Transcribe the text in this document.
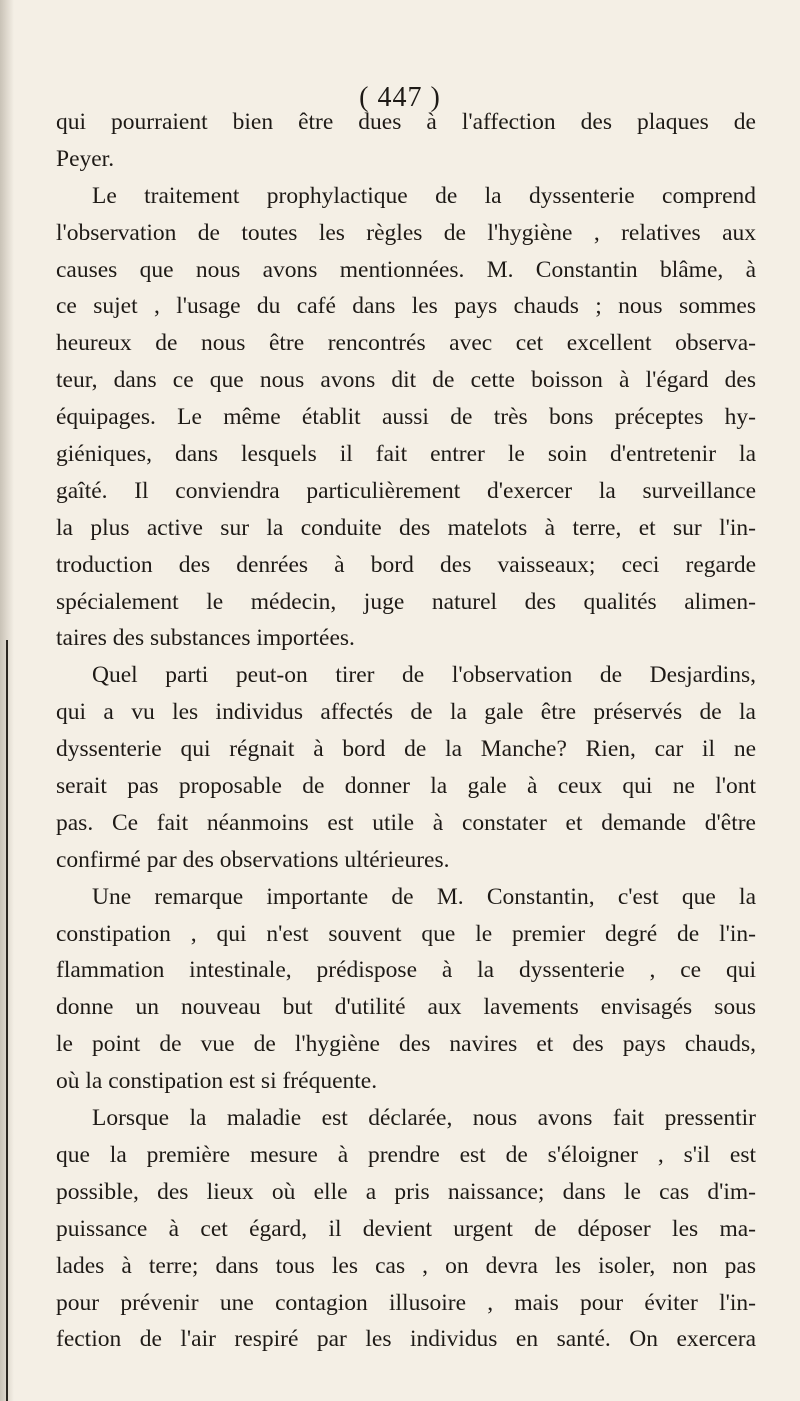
( 447 )
qui pourraient bien être dues à l'affection des plaques de
Peyer.
Le traitement prophylactique de la dyssenterie comprend
l'observation de toutes les règles de l'hygiène , relatives aux
causes que nous avons mentionnées. M. Constantin blâme, à
ce sujet , l'usage du café dans les pays chauds ; nous sommes
heureux de nous être rencontrés avec cet excellent observa-
teur, dans ce que nous avons dit de cette boisson à l'égard des
équipages. Le même établit aussi de très bons préceptes hy-
giéniques, dans lesquels il fait entrer le soin d'entretenir la
gaîté. Il conviendra particulièrement d'exercer la surveillance
la plus active sur la conduite des matelots à terre, et sur l'in-
troduction des denrées à bord des vaisseaux; ceci regarde
spécialement le médecin, juge naturel des qualités alimen-
taires des substances importées.
Quel parti peut-on tirer de l'observation de Desjardins,
qui a vu les individus affectés de la gale être préservés de la
dyssenterie qui régnait à bord de la Manche? Rien, car il ne
serait pas proposable de donner la gale à ceux qui ne l'ont
pas. Ce fait néanmoins est utile à constater et demande d'être
confirmé par des observations ultérieures.
Une remarque importante de M. Constantin, c'est que la
constipation , qui n'est souvent que le premier degré de l'in-
flammation intestinale, prédispose à la dyssenterie , ce qui
donne un nouveau but d'utilité aux lavements envisagés sous
le point de vue de l'hygiène des navires et des pays chauds,
où la constipation est si fréquente.
Lorsque la maladie est déclarée, nous avons fait pressentir
que la première mesure à prendre est de s'éloigner , s'il est
possible, des lieux où elle a pris naissance; dans le cas d'im-
puissance à cet égard, il devient urgent de déposer les ma-
lades à terre; dans tous les cas , on devra les isoler, non pas
pour prévenir une contagion illusoire , mais pour éviter l'in-
fection de l'air respiré par les individus en santé. On exercera
